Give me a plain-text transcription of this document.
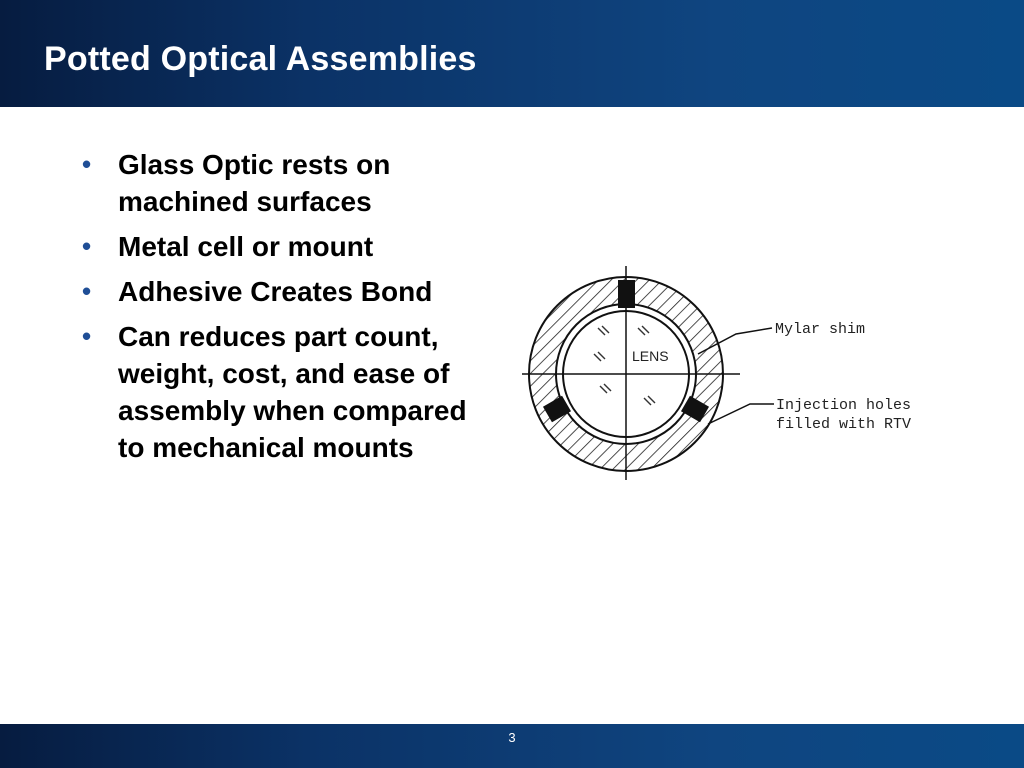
Potted Optical Assemblies
• Glass Optic rests on machined surfaces
• Metal cell or mount
• Adhesive Creates Bond
• Can reduces part count, weight, cost, and ease of assembly when compared to mechanical mounts
LENS
Mylar shim
Injection holes
filled with RTV
3
